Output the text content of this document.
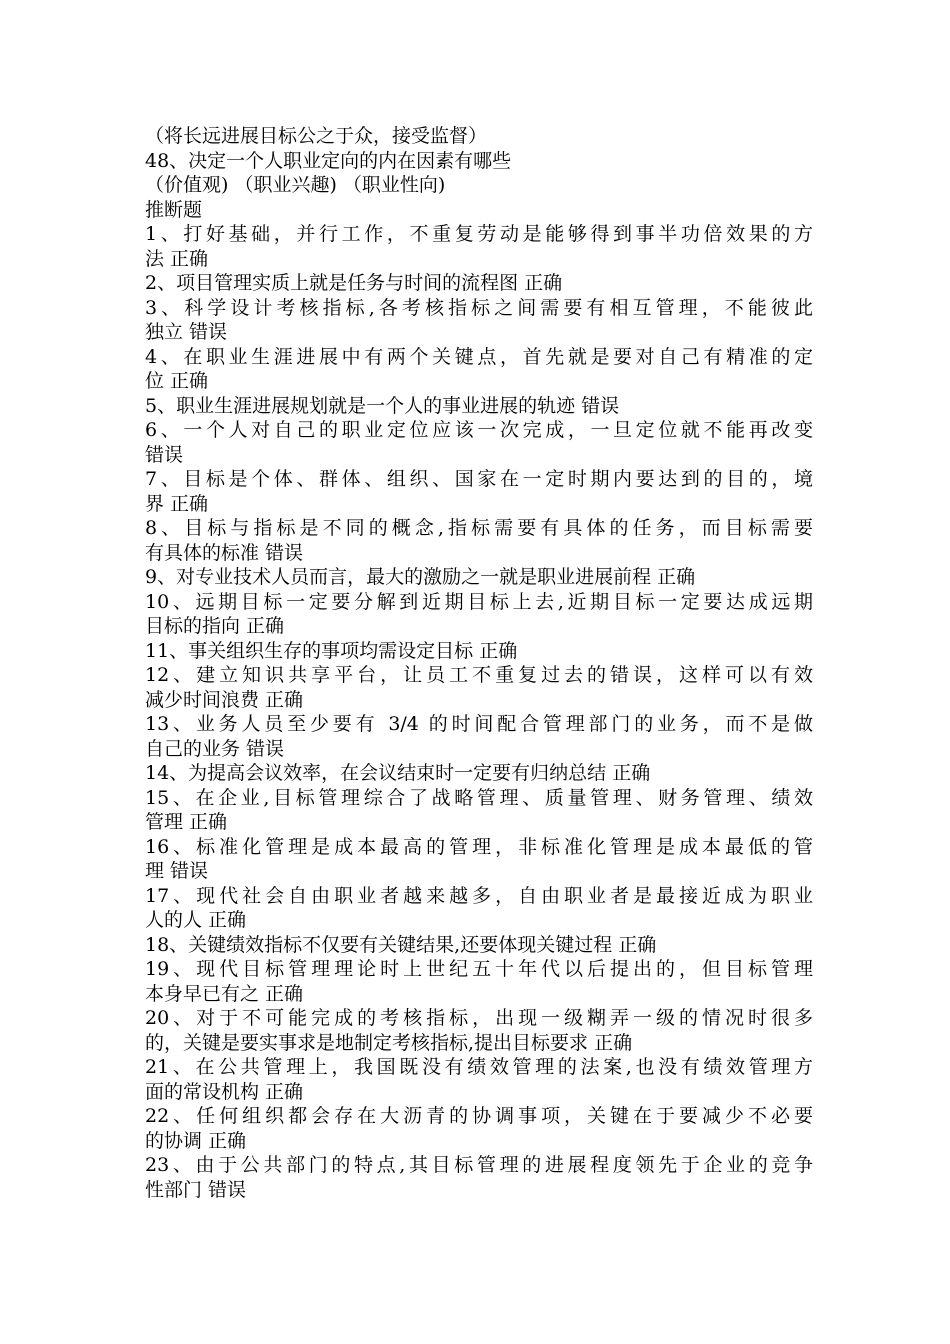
（将长远进展目标公之于众，接受监督）
48、决定一个人职业定向的内在因素有哪些
（价值观) （职业兴趣) （职业性向)
推断题
1、打好基础，并行工作，不重复劳动是能够得到事半功倍效果的方
法 正确
2、项目管理实质上就是任务与时间的流程图 正确
3、科学设计考核指标,各考核指标之间需要有相互管理，不能彼此
独立 错误
4、在职业生涯进展中有两个关键点，首先就是要对自己有精准的定
位 正确
5、职业生涯进展规划就是一个人的事业进展的轨迹 错误
6、一个人对自己的职业定位应该一次完成，一旦定位就不能再改变
错误
7、目标是个体、群体、组织、国家在一定时期内要达到的目的，境
界 正确
8、目标与指标是不同的概念,指标需要有具体的任务，而目标需要
有具体的标准 错误
9、对专业技术人员而言，最大的激励之一就是职业进展前程 正确
10、远期目标一定要分解到近期目标上去,近期目标一定要达成远期
目标的指向 正确
11、事关组织生存的事项均需设定目标 正确
12、建立知识共享平台，让员工不重复过去的错误，这样可以有效
减少时间浪费 正确
13、业务人员至少要有 3/4 的时间配合管理部门的业务，而不是做
自己的业务 错误
14、为提高会议效率，在会议结束时一定要有归纳总结 正确
15、在企业,目标管理综合了战略管理、质量管理、财务管理、绩效
管理 正确
16、标准化管理是成本最高的管理，非标准化管理是成本最低的管
理 错误
17、现代社会自由职业者越来越多，自由职业者是最接近成为职业
人的人 正确
18、关键绩效指标不仅要有关键结果,还要体现关键过程 正确
19、现代目标管理理论时上世纪五十年代以后提出的，但目标管理
本身早已有之 正确
20、对于不可能完成的考核指标，出现一级糊弄一级的情况时很多
的，关键是要实事求是地制定考核指标,提出目标要求 正确
21、在公共管理上，我国既没有绩效管理的法案,也没有绩效管理方
面的常设机构 正确
22、任何组织都会存在大沥青的协调事项，关键在于要减少不必要
的协调 正确
23、由于公共部门的特点,其目标管理的进展程度领先于企业的竞争
性部门 错误
